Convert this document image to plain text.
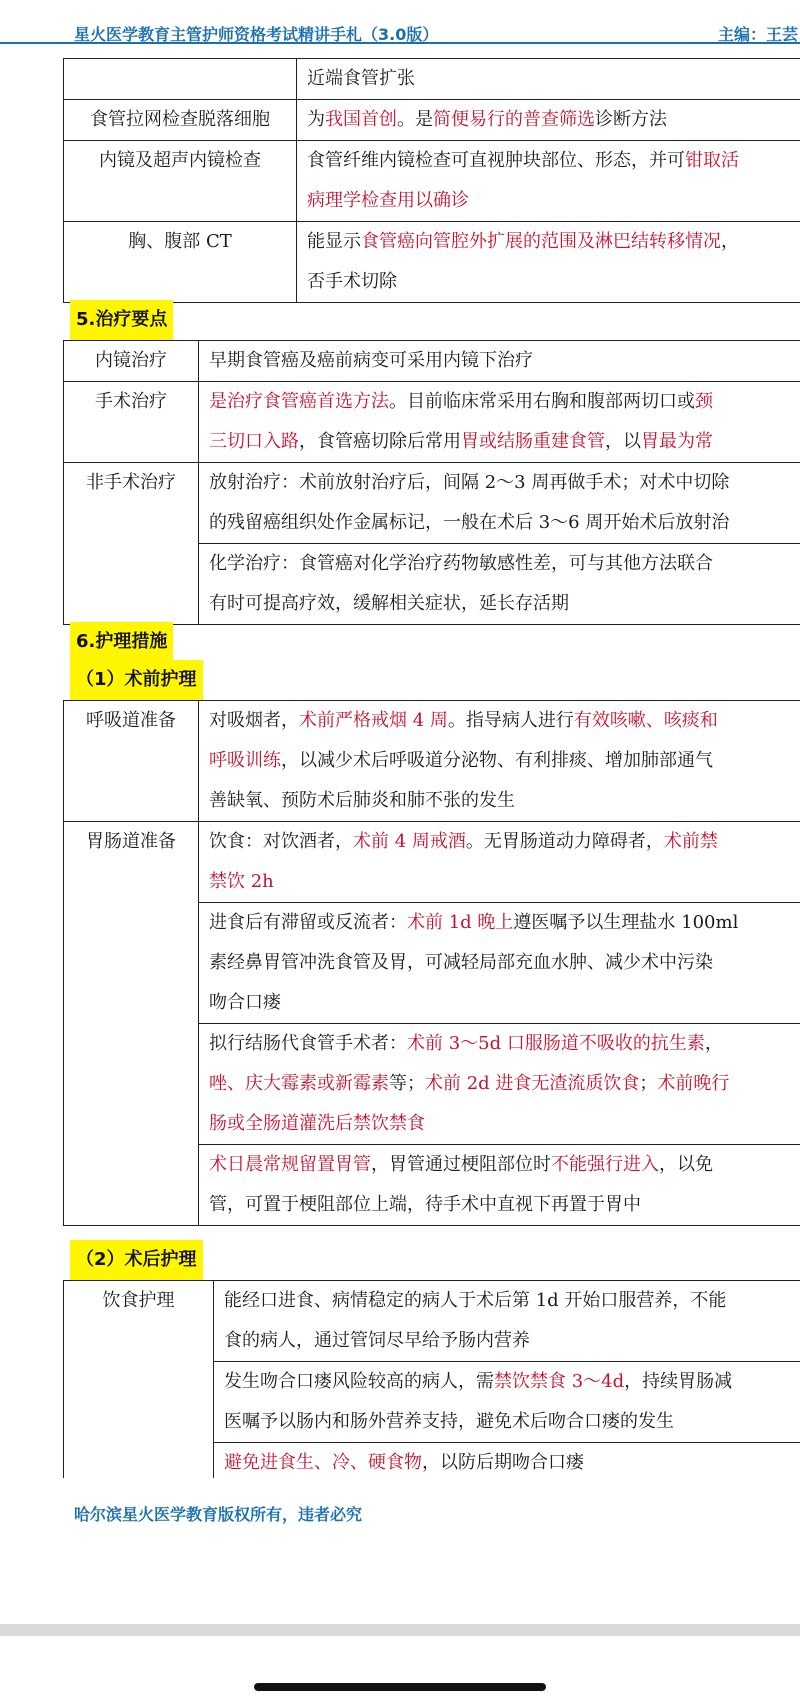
星火医学教育主管护师资格考试精讲手札（3.0版）	主编：王芸

	近端食管扩张

食管拉网检查脱落细胞	为我国首创。是简便易行的普查筛选诊断方法

内镜及超声内镜检查	食管纤维内镜检查可直视肿块部位、形态，并可钳取活
病理学检查用以确诊

胸、腹部 CT	能显示食管癌向管腔外扩展的范围及淋巴结转移情况，
否手术切除
5.治疗要点
内镜治疗	早期食管癌及癌前病变可采用内镜下治疗

手术治疗	是治疗食管癌首选方法。目前临床常采用右胸和腹部两切口或颈
三切口入路，食管癌切除后常用胃或结肠重建食管，以胃最为常

非手术治疗	放射治疗：术前放射治疗后，间隔 2～3 周再做手术；对术中切除
的残留癌组织处作金属标记，一般在术后 3～6 周开始术后放射治

	化学治疗：食管癌对化学治疗药物敏感性差，可与其他方法联合
有时可提高疗效，缓解相关症状，延长存活期
6.护理措施
（1）术前护理
呼吸道准备	对吸烟者，术前严格戒烟 4 周。指导病人进行有效咳嗽、咳痰和
呼吸训练，以减少术后呼吸道分泌物、有利排痰、增加肺部通气
善缺氧、预防术后肺炎和肺不张的发生

胃肠道准备	饮食：对饮酒者，术前 4 周戒酒。无胃肠道动力障碍者，术前禁
禁饮 2h

	进食后有滞留或反流者：术前 1d 晚上遵医嘱予以生理盐水 100ml
素经鼻胃管冲洗食管及胃，可减轻局部充血水肿、减少术中污染
吻合口瘘

	拟行结肠代食管手术者：术前 3～5d 口服肠道不吸收的抗生素，
唑、庆大霉素或新霉素等；术前 2d 进食无渣流质饮食；术前晚行
肠或全肠道灌洗后禁饮禁食

	术日晨常规留置胃管，胃管通过梗阻部位时不能强行进入，以免
管，可置于梗阻部位上端，待手术中直视下再置于胃中
（2）术后护理
饮食护理	能经口进食、病情稳定的病人于术后第 1d 开始口服营养，不能
食的病人，通过管饲尽早给予肠内营养

发生吻合口瘘风险较高的病人，需禁饮禁食 3～4d，持续胃肠减
医嘱予以肠内和肠外营养支持，避免术后吻合口瘘的发生

避免进食生、冷、硬食物，以防后期吻合口瘘
哈尔滨星火医学教育版权所有，违者必究
